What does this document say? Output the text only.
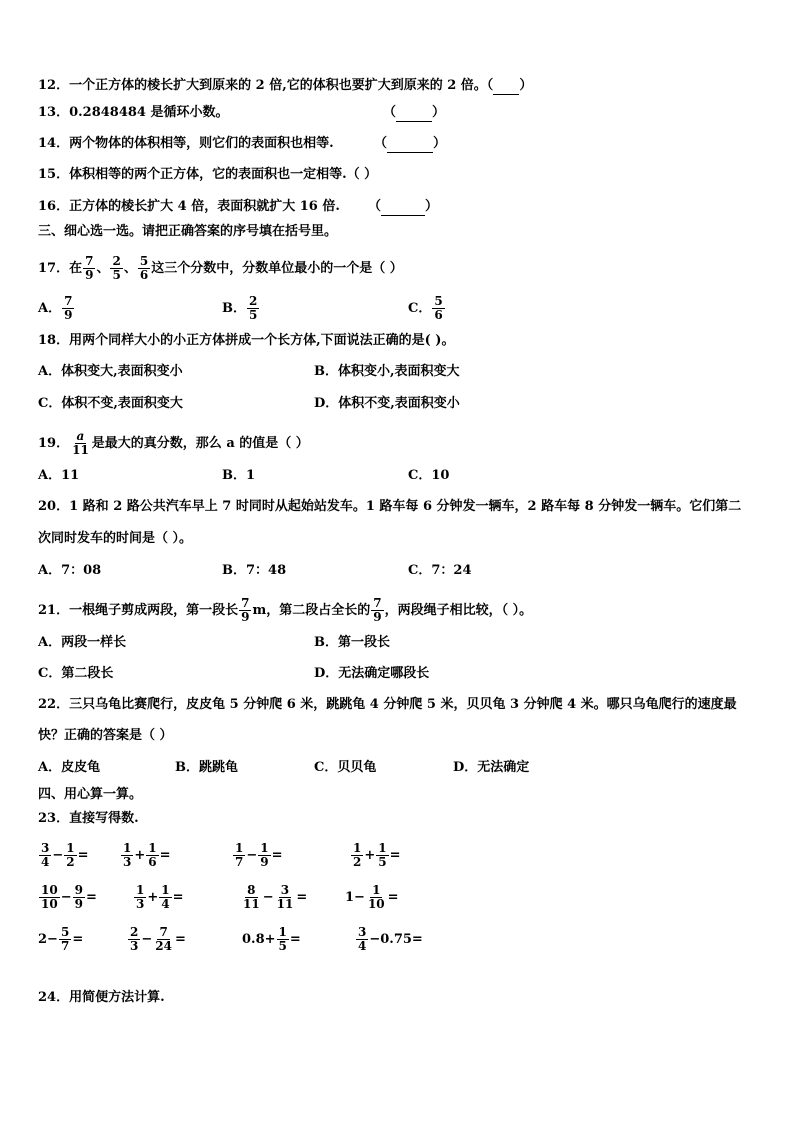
12．一个正方体的棱长扩大到原来的 2 倍,它的体积也要扩大到原来的 2 倍。（ ）
13．0.2848484 是循环小数。	（	）
14．两个物体的体积相等，则它们的表面积也相等.	（	）
15．体积相等的两个正方体，它的表面积也一定相等.（ ）
16．正方体的棱长扩大 4 倍，表面积就扩大 16 倍. （	）
三、细心选一选。请把正确答案的序号填在括号里。
17．在 $\frac{7}{9}$ 、 $\frac{2}{5}$ 、 $\frac{5}{6}$ 这三个分数中，分数单位最小的一个是（ ）
A． $\frac{7}{9}$	B． $\frac{2}{5}$	C． $\frac{5}{6}$
18．用两个同样大小的小正方体拼成一个长方体,下面说法正确的是( )。
A．体积变大,表面积变小	B．体积变小,表面积变大
C．体积不变,表面积变大	D．体积不变,表面积变小
19． $\frac{a}{11}$ 是最大的真分数，那么 a 的值是（ ）
A．11	B．1	C．10
20．1 路和 2 路公共汽车早上 7 时同时从起始站发车。1 路车每 6 分钟发一辆车，2 路车每 8 分钟发一辆车。它们第二
次同时发车的时间是（ ）。
A．7：08	B．7：48	C．7：24
21．一根绳子剪成两段，第一段长 $\frac{7}{9}$ m，第二段占全长的 $\frac{7}{9}$ ，两段绳子相比较，（ ）。
A．两段一样长	B．第一段长
C．第二段长	D．无法确定哪段长
22．三只乌龟比赛爬行，皮皮龟 5 分钟爬 6 米，跳跳龟 4 分钟爬 5 米，贝贝龟 3 分钟爬 4 米。哪只乌龟爬行的速度最
快？正确的答案是（ ）
A．皮皮龟	B．跳跳龟	C．贝贝龟	D．无法确定
四、用心算一算。
23．直接写得数.
$\frac{3}{4} - \frac{1}{2}$ =	$\frac{1}{3} + \frac{1}{6}$ =	$\frac{1}{7} - \frac{1}{9}$ =	$\frac{1}{2} + \frac{1}{5}$ =
$\frac{10}{10} - \frac{9}{9}$ =	$\frac{1}{3} + \frac{1}{4}$ =	$\frac{8}{11} - \frac{3}{11}$ =	$1- \frac{1}{10}$ =
$2- \frac{5}{7}$ =	$\frac{2}{3} - \frac{7}{24}$ =	$0.8+ \frac{1}{5}$ =	$\frac{3}{4} -0.75=$
24．用简便方法计算.
